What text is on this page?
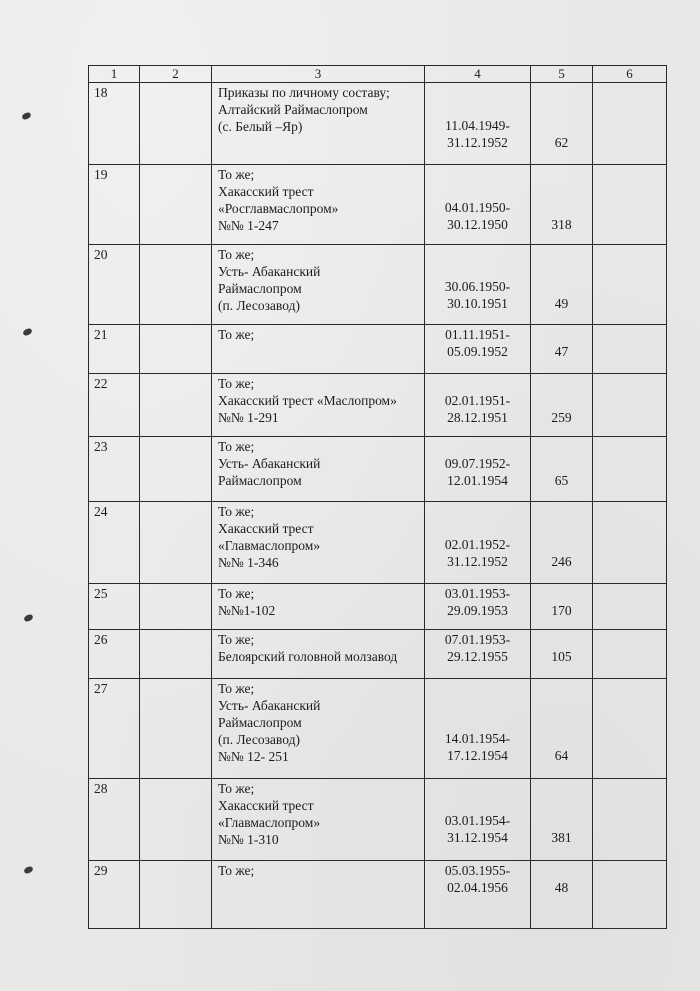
1	2	3	4	5	6
18		Приказы по личному составу;
Алтайский Раймаслопром
(с. Белый –Яр)	11.04.1949-
31.12.1952	62	
19		То же;
Хакасский трест
«Росглавмаслопром»
№№ 1-247	04.01.1950-
30.12.1950	318	
20		То же;
Усть- Абаканский
Раймаслопром
(п. Лесозавод)	30.06.1950-
30.10.1951	49	
21		То же;	01.11.1951-
05.09.1952	47	
22		То же;
Хакасский трест «Маслопром»
№№ 1-291	02.01.1951-
28.12.1951	259	
23		То же;
Усть- Абаканский
Раймаслопром	09.07.1952-
12.01.1954	65	
24		То же;
Хакасский трест
«Главмаслопром»
№№ 1-346	02.01.1952-
31.12.1952	246	
25		То же;
№№1-102	03.01.1953-
29.09.1953	170	
26		То же;
Белоярский головной молзавод	07.01.1953-
29.12.1955	105	
27		То же;
Усть- Абаканский
Раймаслопром
(п. Лесозавод)
№№ 12- 251	14.01.1954-
17.12.1954	64	
28		То же;
Хакасский трест
«Главмаслопром»
№№ 1-310	03.01.1954-
31.12.1954	381	
29		То же;	05.03.1955-
02.04.1956	48	
